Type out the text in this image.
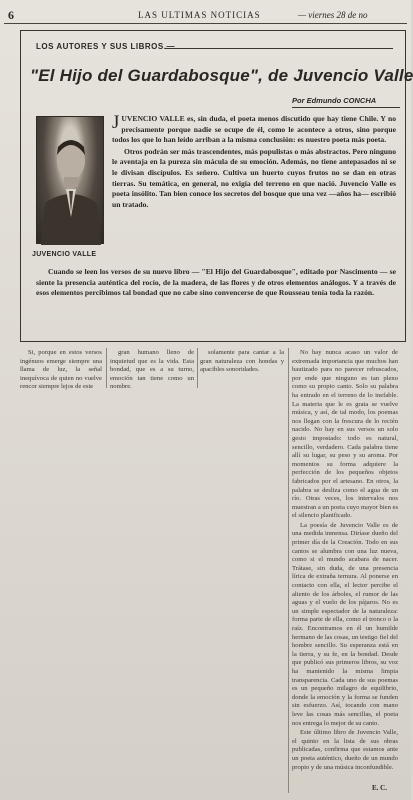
6	LAS ULTIMAS NOTICIAS	— viernes 28 de no
LOS AUTORES Y SUS LIBROS.—
"El Hijo del Guardabosque", de Juvencio Valle
Por Edmundo CONCHA
JUVENCIO VALLE

JUVENCIO VALLE es, sin duda, el poeta menos discutido que hay tiene Chile. Y no precisamente porque nadie se ocupe de él, como le acontece a otros, sino porque todos los que lo han leído arriban a la misma conclusión: es nuestro poeta más poeta.

Otros podrán ser más trascendentes, más populistas o más abstractos. Pero ninguno le aventaja en la pureza sin mácula de su emoción. Además, no tiene antepasados ni se le divisan discípulos. Es señero. Cultiva un huerto cuyos frutos no se dan en otras tierras. Su temática, en general, no exigía del terreno en que nació. Juvencio Valle es poeta insólito. Tan bien conoce los secretos del bosque que una vez —años ha— escribió un tratado.

Cuando se leen los versos de su nuevo libro — "El Hijo del Guardabosque", editado por Nascimento — se siente la presencia auténtica del rocío, de la madera, de las flores y de otros elementos análogos. Y a través de esos elementos percibimos tal bondad que no cabe sino convencerse de que Rousseau tenía toda la razón.

Si, porque en estos versos ingénuos emerge siempre una llama de luz, la señal inequívoca de quien no vuelve rencor siempre lejos de este

gran humano lleno de inquietud que es la vida. Esta bondad, que es a su turno, emoción tan tiene como un nombre.

solamente para cantar a la gran naturaleza con hondas y apacibles sonoridades.

No hay nunca acaso un valor de extremada importancia que muchos han bautizado para no parecer rebuscados, por ende que ninguno es tan pleno como su propio canto. Solo su palabra ha entrado en el terreno de lo inefable. La materia que le es grata se vuelve música, y así, de tal modo, los poemas nos llegan con la frescura de lo recién nacido. No hay en sus versos un solo gesto impostado: todo es natural, sencillo, verdadero. Cada palabra tiene allí su lugar, su peso y su aroma. Por momentos su forma adquiere la perfección de los pequeños objetos fabricados por el artesano. En otros, la palabra se desliza como el agua de un río. Otras veces, los intervalos nos muestran a un poeta cuyo mayor bien es el silencio planificado.

La poesía de Juvencio Valle es de una medida inmensa. Diríase dueño del primer día de la Creación. Todo en sus cantos se alumbra con una luz nueva, como si el mundo acabara de nacer. Trátase, sin duda, de una presencia lírica de extraña ternura. Al ponerse en contacto con ella, el lector percibe el aliento de los árboles, el rumor de las aguas y el vuelo de los pájaros. No es un simple espectador de la naturaleza: forma parte de ella, como el tronco o la raíz. Encontramos en él un humilde hermano de las cosas, un testigo fiel del hombre sencillo. Su esperanza está en la tierra, y su fe, en la bondad. Desde que publicó sus primeros libros, su voz ha mantenido la misma limpia transparencia. Cada uno de sus poemas es un pequeño milagro de equilibrio, donde la emoción y la forma se funden sin esfuerzo. Así, tocando con mano leve las cosas más sencillas, el poeta nos entrega lo mejor de su canto.

Este último libro de Juvencio Valle, el quinto en la lista de sus obras publicadas, confirma que estamos ante un poeta auténtico, dueño de un mundo propio y de una música inconfundible.

E. C.
